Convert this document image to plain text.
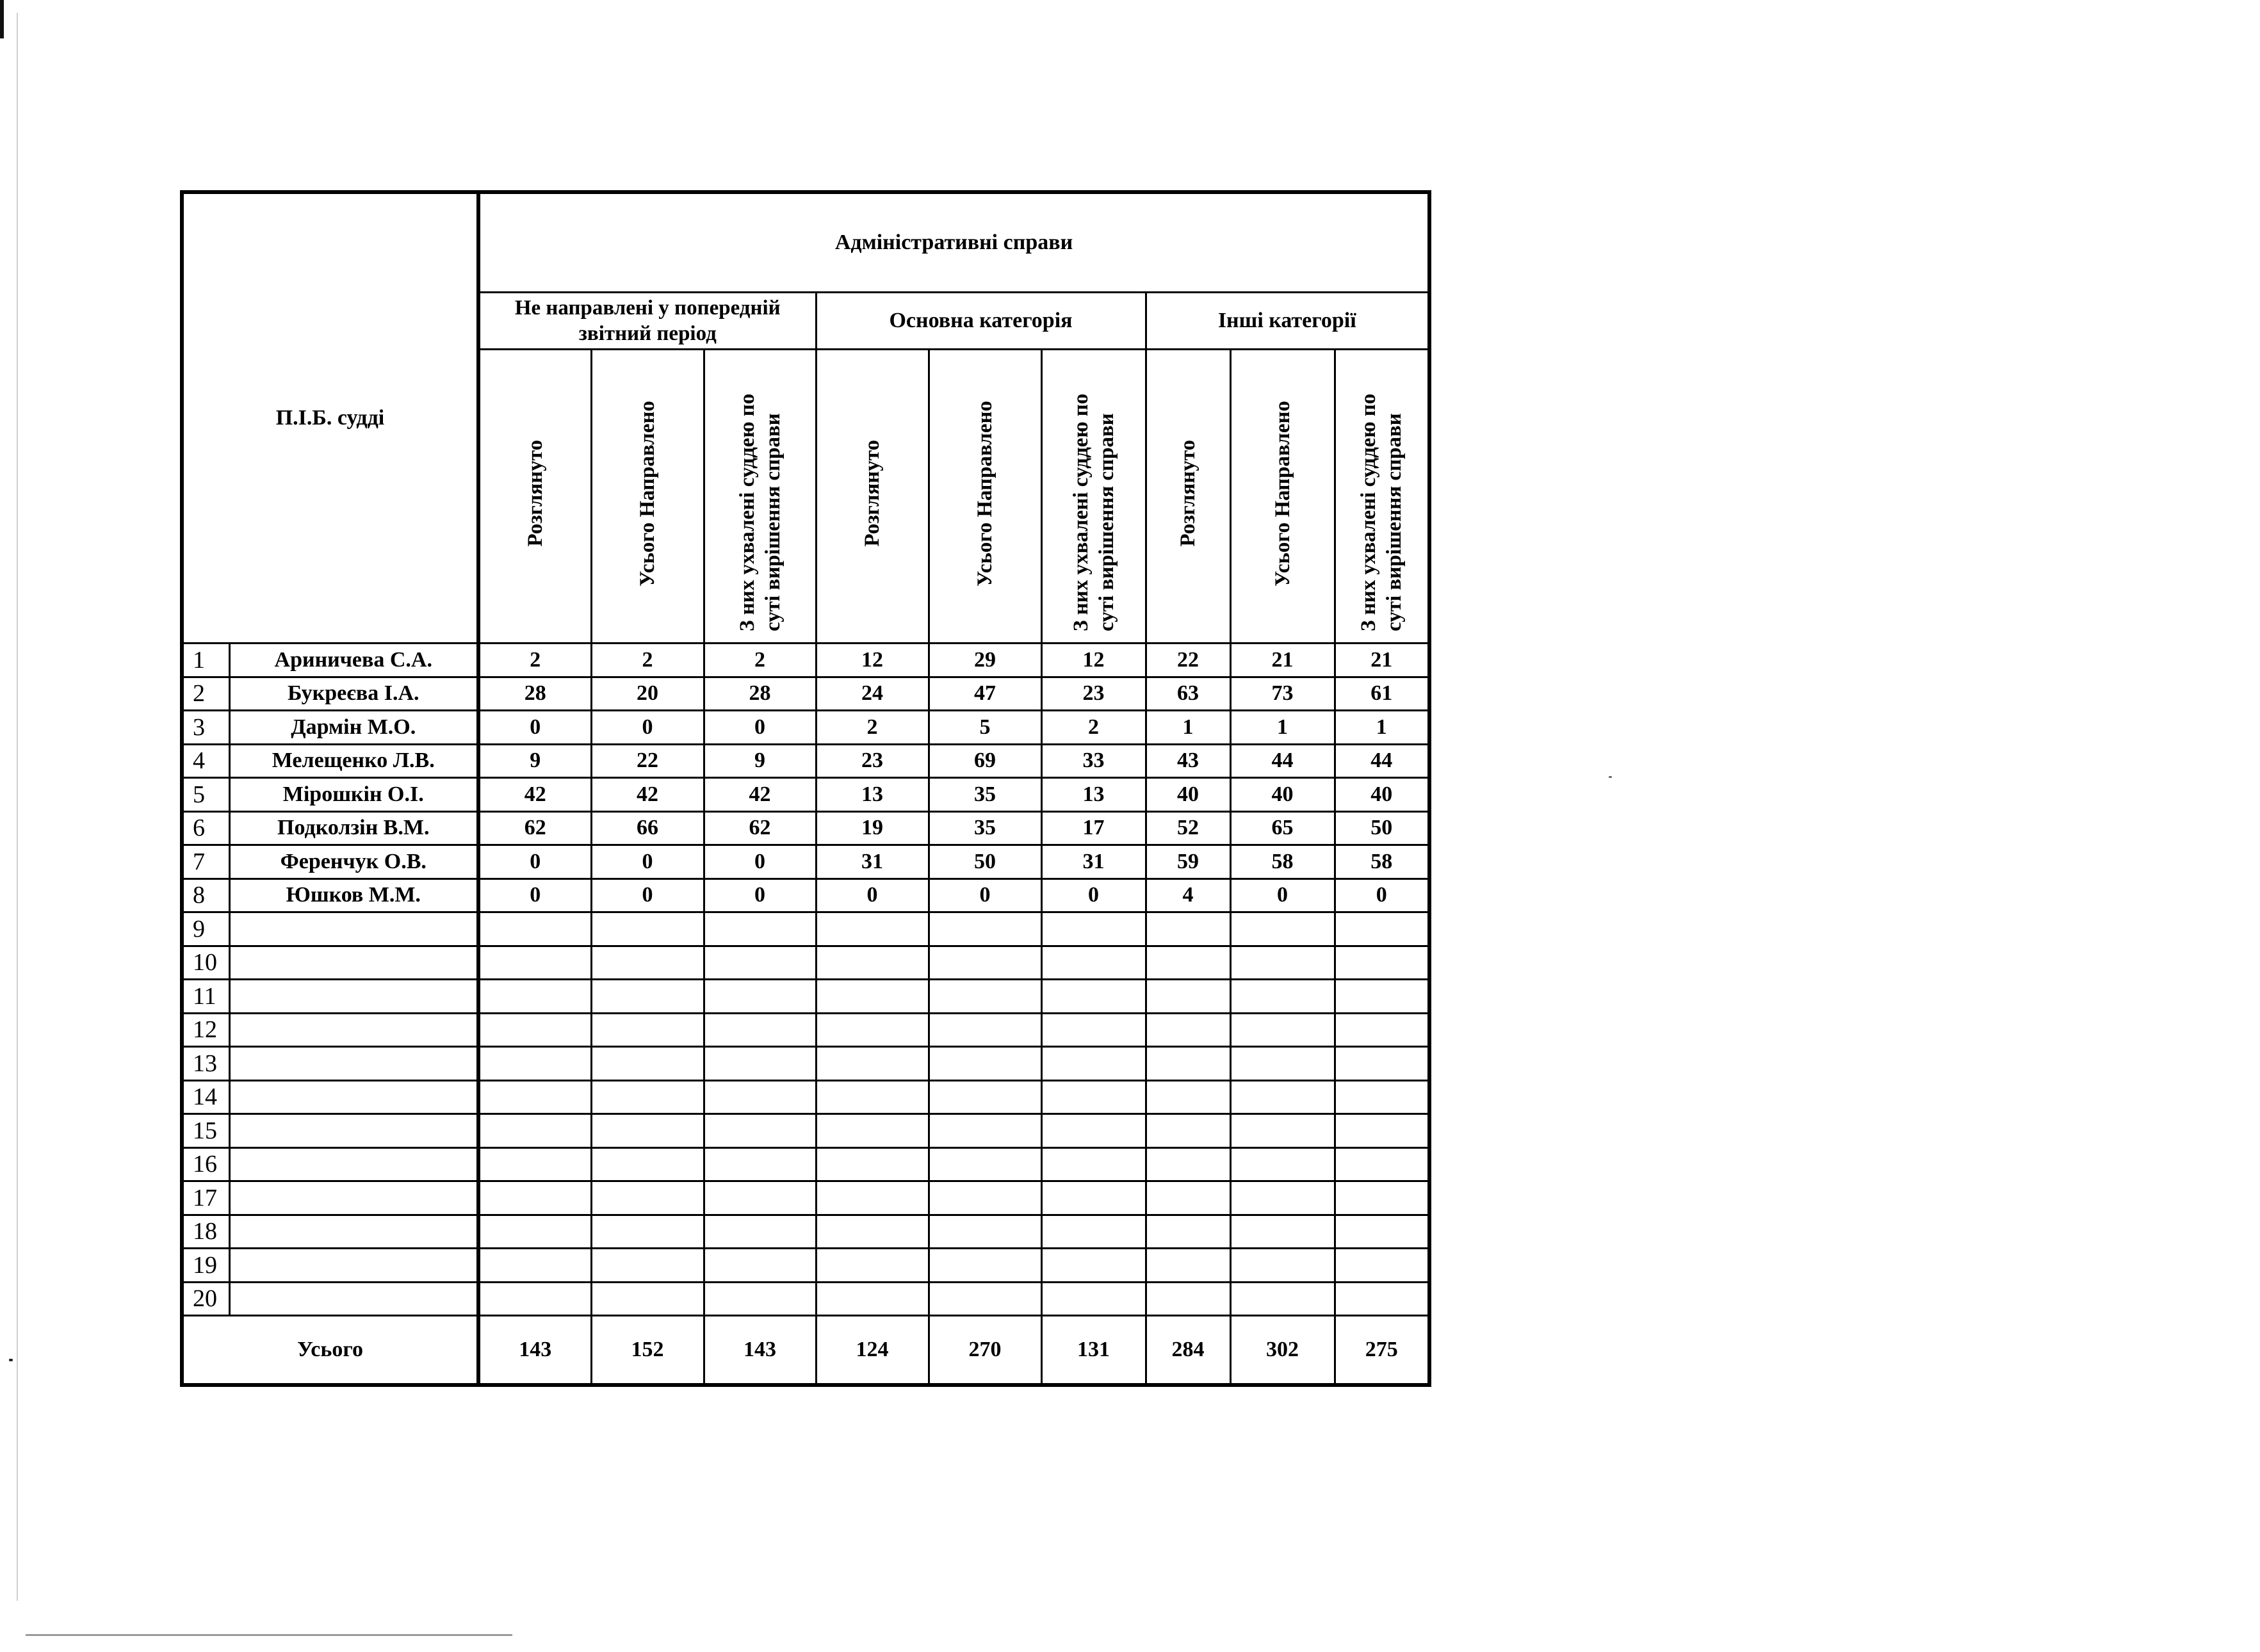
П.І.Б. судді		Адміністративні справи								
		Не направлені у попередній звітний період			Основна категорія			Інші категорії		
		Розглянуто	Усього Направлено	З них ухвалені суддею по суті вирішення справи	Розглянуто	Усього Направлено	З них ухвалені суддею по суті вирішення справи	Розглянуто	Усього Направлено	З них ухвалені суддею по суті вирішення справи
1	Ариничева С.А.	2	2	2	12	29	12	22	21	21
2	Букреєва І.А.	28	20	28	24	47	23	63	73	61
3	Дармін М.О.	0	0	0	2	5	2	1	1	1
4	Мелещенко Л.В.	9	22	9	23	69	33	43	44	44
5	Мірошкін О.І.	42	42	42	13	35	13	40	40	40
6	Подколзін В.М.	62	66	62	19	35	17	52	65	50
7	Ференчук О.В.	0	0	0	31	50	31	59	58	58
8	Юшков М.М.	0	0	0	0	0	0	4	0	0
9										
10										
11										
12										
13										
14										
15										
16										
17										
18										
19										
20										
Усього		143	152	143	124	270	131	284	302	275
